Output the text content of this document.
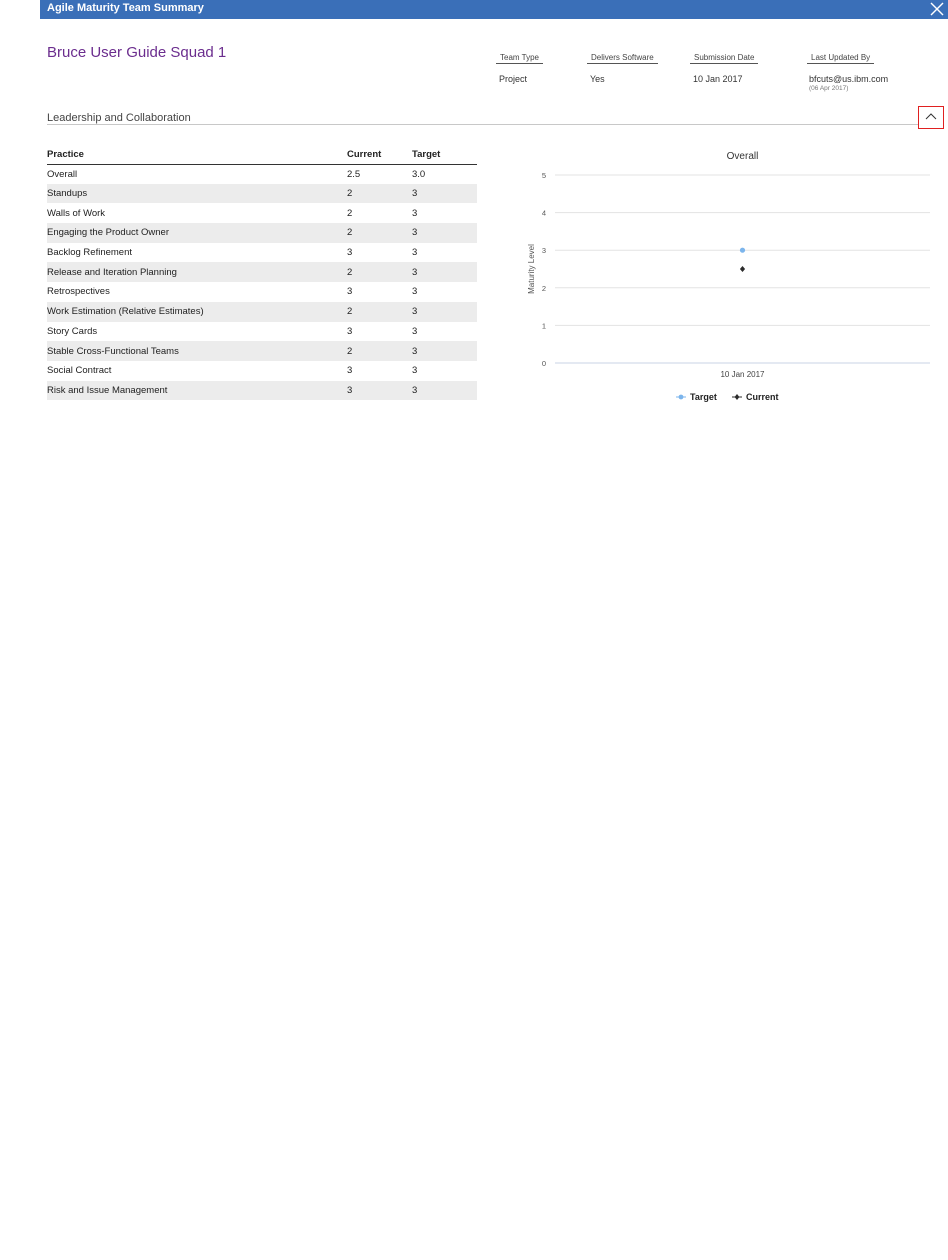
Agile Maturity Team Summary
Bruce User Guide Squad 1	Team Type
Project
Delivers Software
Yes
Submission Date
10 Jan 2017
Last Updated By
bfcuts@us.ibm.com
(06 Apr 2017)
Leadership and Collaboration
Practice	Current	Target
Overall	2.5	3.0
Standups	2	3
Walls of Work	2	3
Engaging the Product Owner	2	3
Backlog Refinement	3	3
Release and Iteration Planning	2	3
Retrospectives	3	3
Work Estimation (Relative Estimates)	2	3
Story Cards	3	3
Stable Cross-Functional Teams	2	3
Social Contract	3	3
Risk and Issue Management	3	3
Overall
0
1
2
3
4
5
Maturity Level
10 Jan 2017
Target	Current
